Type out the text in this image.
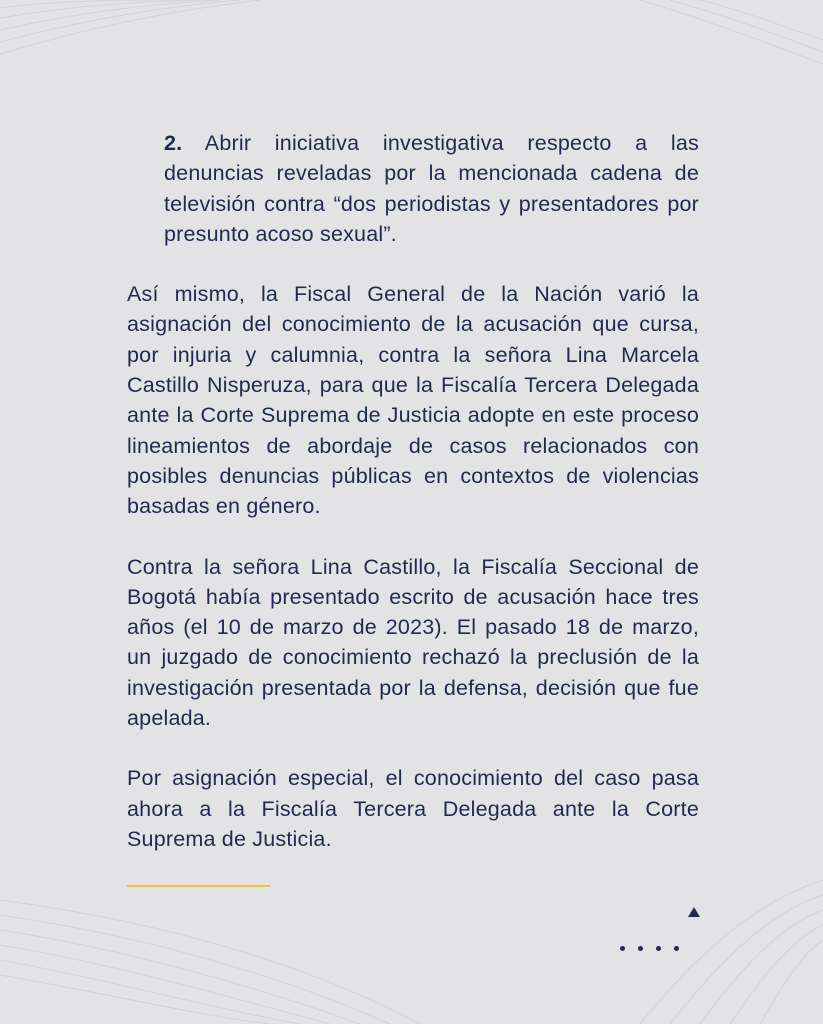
2. Abrir iniciativa investigativa respecto a las denuncias reveladas por la mencionada cadena de televisión contra “dos periodistas y presentadores por presunto acoso sexual”.

Así mismo, la Fiscal General de la Nación varió la asignación del conocimiento de la acusación que cursa, por injuria y calumnia, contra la señora Lina Marcela Castillo Nisperuza, para que la Fiscalía Tercera Delegada ante la Corte Suprema de Justicia adopte en este proceso lineamientos de abordaje de casos relacionados con posibles denuncias públicas en contextos de violencias basadas en género.

Contra la señora Lina Castillo, la Fiscalía Seccional de Bogotá había presentado escrito de acusación hace tres años (el 10 de marzo de 2023). El pasado 18 de marzo, un juzgado de conocimiento rechazó la preclusión de la investigación presentada por la defensa, decisión que fue apelada.

Por asignación especial, el conocimiento del caso pasa ahora a la Fiscalía Tercera Delegada ante la Corte Suprema de Justicia.
